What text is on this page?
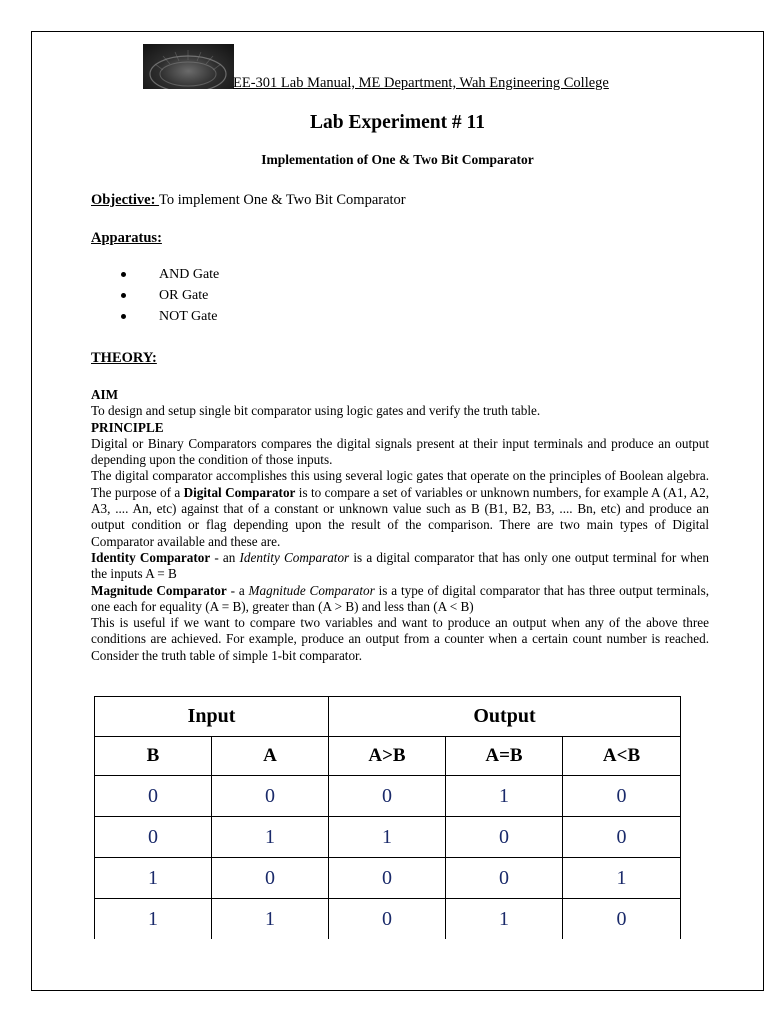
EE-301 Lab Manual, ME Department, Wah Engineering College
Lab Experiment # 11
Implementation of One & Two Bit Comparator
Objective: To implement One & Two Bit Comparator
Apparatus:
AND Gate
OR Gate
NOT Gate
THEORY:

AIM

To design and setup single bit comparator using logic gates and verify the truth table.

PRINCIPLE

Digital or Binary Comparators compares the digital signals present at their input terminals and produce an output depending upon the condition of those inputs.

The digital comparator accomplishes this using several logic gates that operate on the principles of Boolean algebra. The purpose of a Digital Comparator is to compare a set of variables or unknown numbers, for example A (A1, A2, A3, .... An, etc) against that of a constant or unknown value such as B (B1, B2, B3, .... Bn, etc) and produce an output condition or flag depending upon the result of the comparison. There are two main types of Digital Comparator available and these are.

Identity Comparator - an Identity Comparator is a digital comparator that has only one output terminal for when the inputs A = B

Magnitude Comparator - a Magnitude Comparator is a type of digital comparator that has three output terminals, one each for equality (A = B), greater than (A > B) and less than (A < B)

This is useful if we want to compare two variables and want to produce an output when any of the above three conditions are achieved. For example, produce an output from a counter when a certain count number is reached. Consider the truth table of simple 1-bit comparator.

Input		Output		
B	A	A>B	A=B	A<B
0	0	0	1	0
0	1	1	0	0
1	0	0	0	1
1	1	0	1	0
